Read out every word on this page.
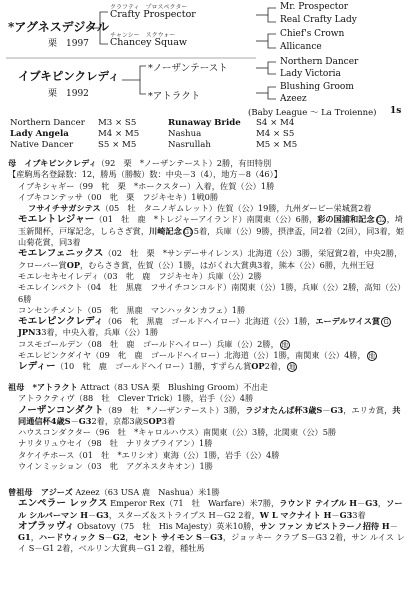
*アグネスデジタル
栗　1997
クラフティ　プロスペクター
Crafty Prospector
チャンシー　スクウォー
Chancey Squaw
Mr. Prospector
Real Crafty Lady
Chief's Crown
Allicance
イブキピンクレディ
栗　1992
*ノーザンテースト
*アトラクト
Northern Dancer
Lady Victoria
Blushing Groom
Azeez
(Baby League ～ La Troienne) 1s
Northern Dancer M3 × S5	Runaway Bride S4 × M4
Lady Angela	M4 × M5	Nashua	M4 × S5
Native Dancer	S5 × M5	Nasrullah	M5 × M5
母　イブキピンクレディ（92　栗　*ノーザンテースト）2勝，有田特別
【産駒馬名登録数：12，勝馬（勝鞍）数：中央－3（4），地方－8（46）】
イブキシャギー（99　牝　栗　*ホークスター）入着，佐賀（公）1勝
イブキコンテッサ（00　牝　栗　フジキセキ）1戦0勝
フサイチサガシテス（05　牡　タニノギムレット）佐賀（公）19勝，九州ダービー栄城賞2着
モエレトレジャー（01　牡　鹿　*トレジャーアイランド）南関東（公）6勝，彩の国浦和記念 G2，埼玉新聞杯，戸塚記念，しらさぎ賞，川崎記念 G15着，兵庫（公）9勝，摂津盃，同2着（2回），同3着，姫山菊花賞，同3着
モエレフェニックス（02　牡　栗　*サンデーサイレンス）北海道（公）3勝，栄冠賞2着，中央2勝，クローバー賞OP，むらさき賞，佐賀（公）1勝，はがくれ大賞典3着，熊本（公）6勝，九州王冠
モエレセキセイレディ（03　牝　鹿　フジキセキ）兵庫（公）2勝
モエレインパクト（04　牡　黒鹿　フサイチコンコルド）南関東（公）1勝，兵庫（公）2勝，高知（公）6勝
コンセンチメント（05　牝　黒鹿　マンハッタンカフェ）1勝
モエレピンクレディ（06　牝　黒鹿　ゴールドヘイロー）北海道（公）1勝，エーデルワイス賞 GJPN33着，中央入着，兵庫（公）1勝
コスモゴールデン（08　牡　鹿　ゴールドヘイロー）兵庫（公）2勝， 地
モエレピンクダイヤ（09　牝　鹿　ゴールドヘイロー）北海道（公）1勝，南関東（公）4勝， 地
レディー（10　牝　鹿　ゴールドヘイロー）1勝，すずらん賞OP2着， 地
祖母　*アトラクト Attract（83 USA 栗　Blushing Groom）不出走
アトラクティヴ（88　牡　Clever Trick）1勝，岩手（公）4勝
ノーザンコンダクト（89　牡　*ノーザンテースト）3勝，ラジオたんぱ杯3歳S－G3，エリカ賞，共同通信杯4歳S－G32着，京都3歳SOP3着
ハウスコンダクター（96　牡　*キャロルハウス）南関東（公）3勝，北関東（公）5勝
ナリタリュウセイ（98　牡　ナリタブライアン）1勝
タケイチホース（01　牡　*エリシオ）東海（公）1勝，岩手（公）4勝
ウインミッション（03　牝　アグネスタキオン）1勝
曾祖母　アジーズ Azeez（63 USA 鹿　Nashua）米1勝
エンペラー レックス Emperor Rex（71　牡　Warfare）米7勝，ラウンド テイブル H－G3，ソール シルバーマン H－G3，スターズ＆ストライプス H－G2 2着，W L マクナイト H－G33着
オブラッヴィ Obsatovy（75　牡　His Majesty）英米10勝，サン ファン カピストラーノ招待 H－G1，ハードウィック S－G2，セント サイモン S－G3，ジョッキー クラブ S－G3 2着，サン ルイス レイ S－G1 2着，ベルリン大賞典－G1 2着，種牡馬
